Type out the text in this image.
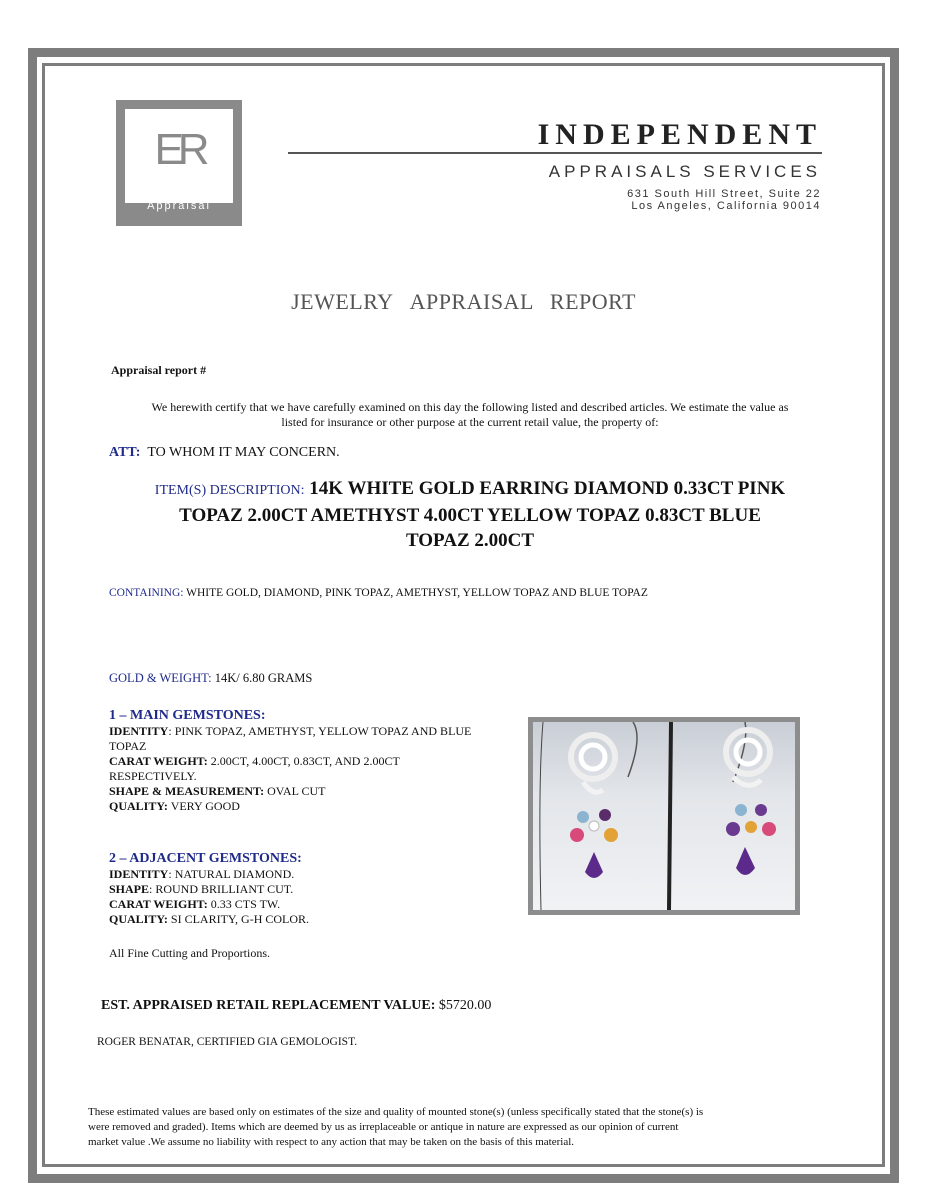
ER
Appraisal
INDEPENDENT
APPRAISALS SERVICES
631 South Hill Street, Suite 22
Los Angeles, California 90014
JEWELRY APPRAISAL REPORT
Appraisal report #
We herewith certify that we have carefully examined on this day the following listed and described articles. We estimate the value as
listed for insurance or other purpose at the current retail value, the property of:
ATT: TO WHOM IT MAY CONCERN.
ITEM(S) DESCRIPTION: 14K WHITE GOLD EARRING DIAMOND 0.33CT PINK
TOPAZ 2.00CT AMETHYST 4.00CT YELLOW TOPAZ 0.83CT BLUE
TOPAZ 2.00CT
CONTAINING: WHITE GOLD, DIAMOND, PINK TOPAZ, AMETHYST, YELLOW TOPAZ AND BLUE TOPAZ
GOLD & WEIGHT: 14K/ 6.80 GRAMS
1 – MAIN GEMSTONES:
IDENTITY: PINK TOPAZ, AMETHYST, YELLOW TOPAZ AND BLUE
TOPAZ
CARAT WEIGHT: 2.00CT, 4.00CT, 0.83CT, AND 2.00CT
RESPECTIVELY.
SHAPE & MEASUREMENT: OVAL CUT
QUALITY: VERY GOOD
2 – ADJACENT GEMSTONES:
IDENTITY: NATURAL DIAMOND.
SHAPE: ROUND BRILLIANT CUT.
CARAT WEIGHT: 0.33 CTS TW.
QUALITY: SI CLARITY, G-H COLOR.
All Fine Cutting and Proportions.
EST. APPRAISED RETAIL REPLACEMENT VALUE: $5720.00
ROGER BENATAR, CERTIFIED GIA GEMOLOGIST.
These estimated values are based only on estimates of the size and quality of mounted stone(s) (unless specifically stated that the stone(s) is
were removed and graded). Items which are deemed by us as irreplaceable or antique in nature are expressed as our opinion of current
market value .We assume no liability with respect to any action that may be taken on the basis of this material.
